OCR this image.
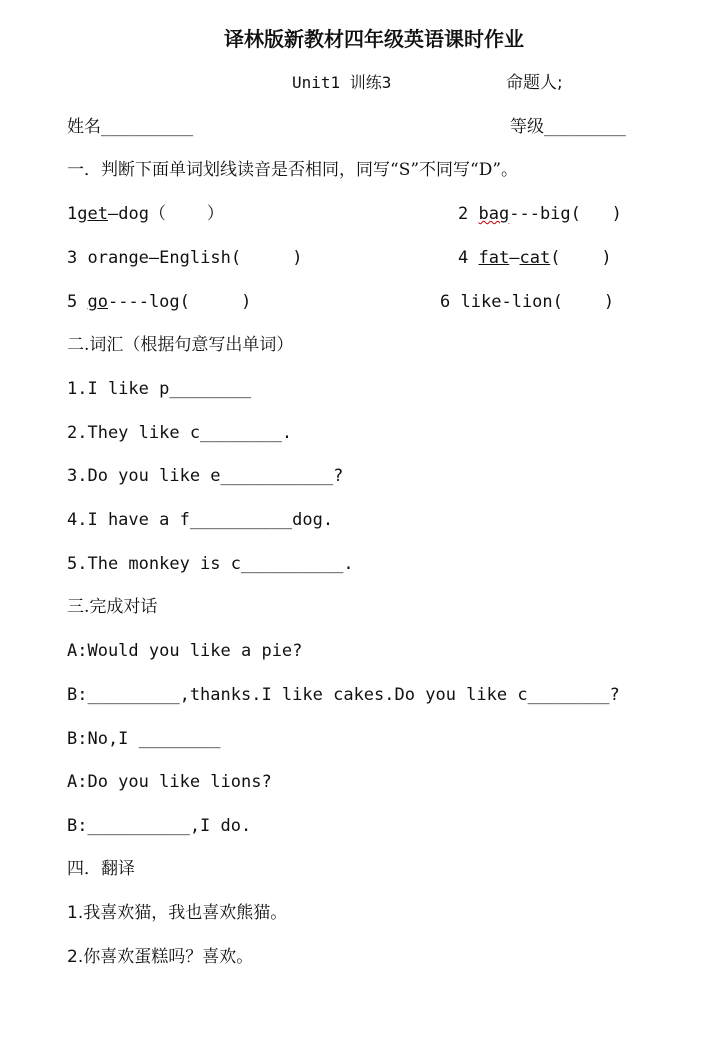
译林版新教材四年级英语课时作业
Unit1 训练3	命题人;
姓名_________	等级________
一．判断下面单词划线读音是否相同，同写“S”不同写“D”。
1get—dog（    ）	2 bag---big(   )
3 orange—English(     )	4 fat—cat(    )
5 go----log(     )	6 like-lion(    )
二.词汇（根据句意写出单词）
1.I like p________
2.They like c________.
3.Do you like e___________?
4.I have a f__________dog.
5.The monkey is c__________.
三.完成对话
A:Would you like a pie?
B:_________,thanks.I like cakes.Do you like c________?
B:No,I ________
A:Do you like lions?
B:__________,I do.
四．翻译
1.我喜欢猫，我也喜欢熊猫。
2.你喜欢蛋糕吗？喜欢。
